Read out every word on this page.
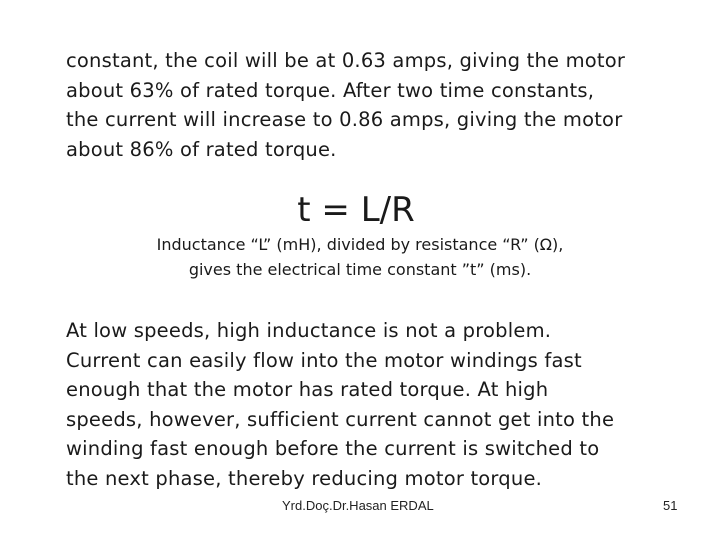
constant, the coil will be at 0.63 amps, giving the motor
about 63% of rated torque. After two time constants,
the current will increase to 0.86 amps, giving the motor
about 86% of rated torque.

t = L/R
Inductance “L” (mH), divided by resistance “R” (Ω),
gives the electrical time constant ”t” (ms).

At low speeds, high inductance is not a problem.
Current can easily flow into the motor windings fast
enough that the motor has rated torque. At high
speeds, however, sufficient current cannot get into the
winding fast enough before the current is switched to
the next phase, thereby reducing motor torque.

Yrd.Doç.Dr.Hasan ERDAL	51
